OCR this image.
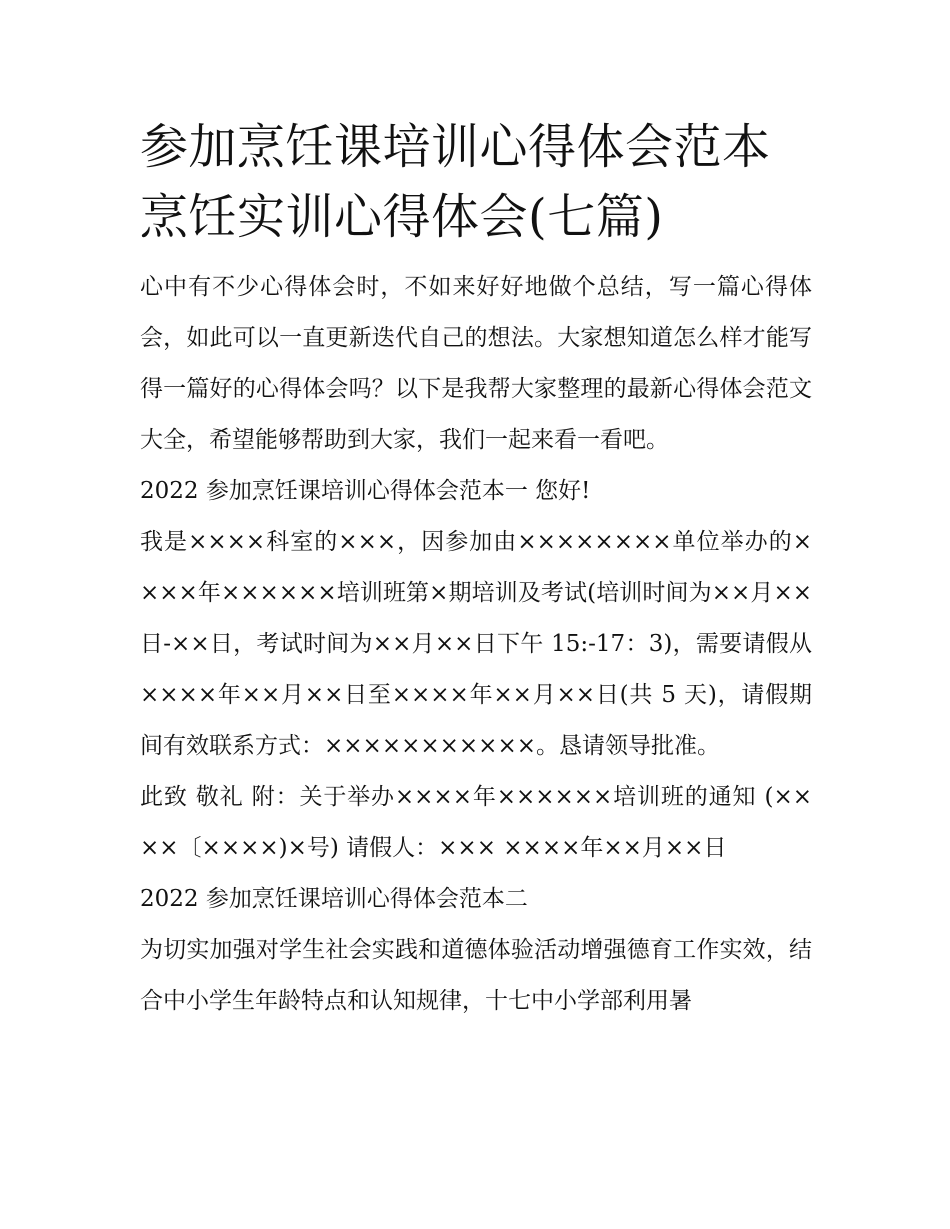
参加烹饪课培训心得体会范本烹饪实训心得体会(七篇)

心中有不少心得体会时，不如来好好地做个总结，写一篇心得体会，如此可以一直更新迭代自己的想法。大家想知道怎么样才能写得一篇好的心得体会吗？以下是我帮大家整理的最新心得体会范文大全，希望能够帮助到大家，我们一起来看一看吧。

2022 参加烹饪课培训心得体会范本一 您好!

我是××××科室的×××，因参加由××××××××单位举办的××××年××××××培训班第×期培训及考试(培训时间为××月××日-××日，考试时间为××月××日下午 15:-17：3)，需要请假从××××年××月××日至××××年××月××日(共 5 天)，请假期间有效联系方式：×××××××××××。恳请领导批准。

此致 敬礼 附：关于举办××××年××××××培训班的通知 (××××〔××××)×号) 请假人：××× ××××年××月××日

2022 参加烹饪课培训心得体会范本二

为切实加强对学生社会实践和道德体验活动增强德育工作实效，结合中小学生年龄特点和认知规律，十七中小学部利用暑
